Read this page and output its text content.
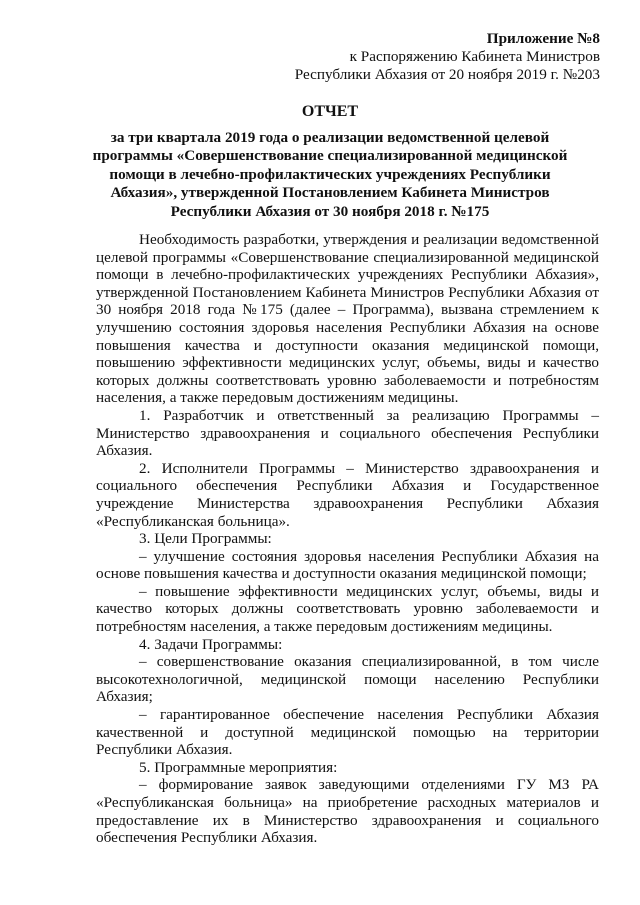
Приложение №8
к Распоряжению Кабинета Министров
Республики Абхазия от 20 ноября 2019 г. №203
ОТЧЕТ
за три квартала 2019 года о реализации ведомственной целевой программы «Совершенствование специализированной медицинской помощи в лечебно-профилактических учреждениях Республики Абхазия», утвержденной Постановлением Кабинета Министров Республики Абхазия от 30 ноября 2018 г. №175

Необходимость разработки, утверждения и реализации ведомственной целевой программы «Совершенствование специализированной медицинской помощи в лечебно-профилактических учреждениях Республики Абхазия», утвержденной Постановлением Кабинета Министров Республики Абхазия от 30 ноября 2018 года №175 (далее – Программа), вызвана стремлением к улучшению состояния здоровья населения Республики Абхазия на основе повышения качества и доступности оказания медицинской помощи, повышению эффективности медицинских услуг, объемы, виды и качество которых должны соответствовать уровню заболеваемости и потребностям населения, а также передовым достижениям медицины.

1. Разработчик и ответственный за реализацию Программы – Министерство здравоохранения и социального обеспечения Республики Абхазия.

2. Исполнители Программы – Министерство здравоохранения и социального обеспечения Республики Абхазия и Государственное учреждение Министерства здравоохранения Республики Абхазия «Республиканская больница».

3. Цели Программы:

– улучшение состояния здоровья населения Республики Абхазия на основе повышения качества и доступности оказания медицинской помощи;

– повышение эффективности медицинских услуг, объемы, виды и качество которых должны соответствовать уровню заболеваемости и потребностям населения, а также передовым достижениям медицины.

4. Задачи Программы:

– совершенствование оказания специализированной, в том числе высокотехнологичной, медицинской помощи населению Республики Абхазия;

– гарантированное обеспечение населения Республики Абхазия качественной и доступной медицинской помощью на территории Республики Абхазия.

5. Программные мероприятия:

– формирование заявок заведующими отделениями ГУ МЗ РА «Республиканская больница» на приобретение расходных материалов и предоставление их в Министерство здравоохранения и социального обеспечения Республики Абхазия.
